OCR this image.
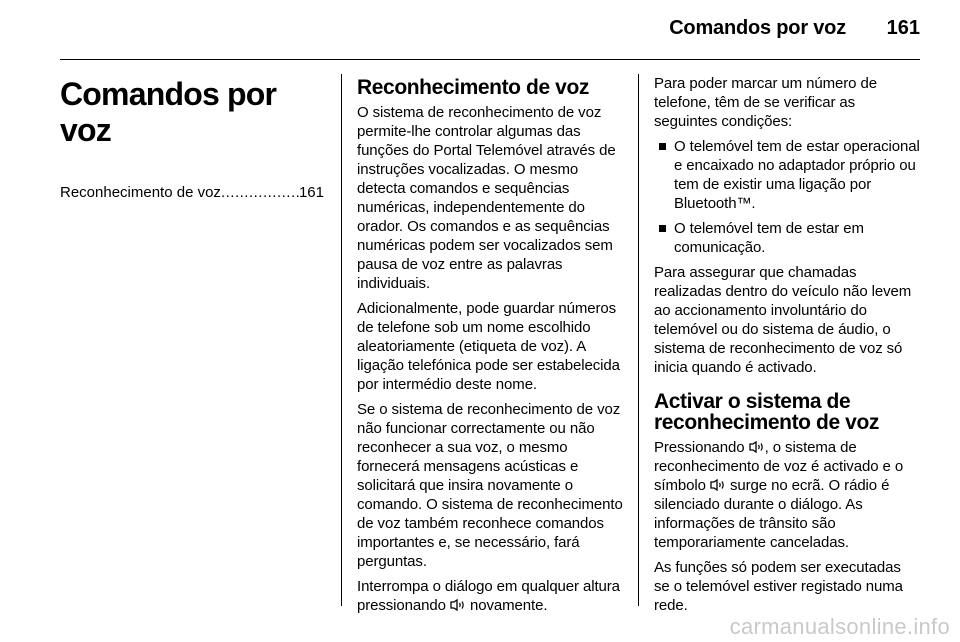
Comandos por voz 161
Comandos por voz
Reconhecimento de voz
.....	161
Reconhecimento de voz

O sistema de reconhecimento de voz permite-lhe controlar algumas das funções do Portal Telemóvel através de instruções vocalizadas. O mesmo detecta comandos e sequências numéricas, independentemente do orador. Os comandos e as sequências numéricas podem ser vocalizados sem pausa de voz entre as palavras individuais.

Adicionalmente, pode guardar números de telefone sob um nome escolhido aleatoriamente (etiqueta de voz). A ligação telefónica pode ser estabelecida por intermédio deste nome.

Se o sistema de reconhecimento de voz não funcionar correctamente ou não reconhecer a sua voz, o mesmo fornecerá mensagens acústicas e solicitará que insira novamente o comando. O sistema de reconhecimento de voz também reconhece comandos importantes e, se necessário, fará perguntas.

Interrompa o diálogo em qualquer altura pressionando novamente.

Para poder marcar um número de telefone, têm de se verificar as seguintes condições:

O telemóvel tem de estar operacional e encaixado no adaptador próprio ou tem de existir uma ligação por Bluetooth™.
O telemóvel tem de estar em comunicação.

Para assegurar que chamadas realizadas dentro do veículo não levem ao accionamento involuntário do telemóvel ou do sistema de áudio, o sistema de reconhecimento de voz só inicia quando é activado.

Activar o sistema de reconhecimento de voz

Pressionando , o sistema de reconhecimento de voz é activado e o símbolo surge no ecrã. O rádio é silenciado durante o diálogo. As informações de trânsito são temporariamente canceladas.

As funções só podem ser executadas se o telemóvel estiver registado numa rede.

carmanualsonline.info
